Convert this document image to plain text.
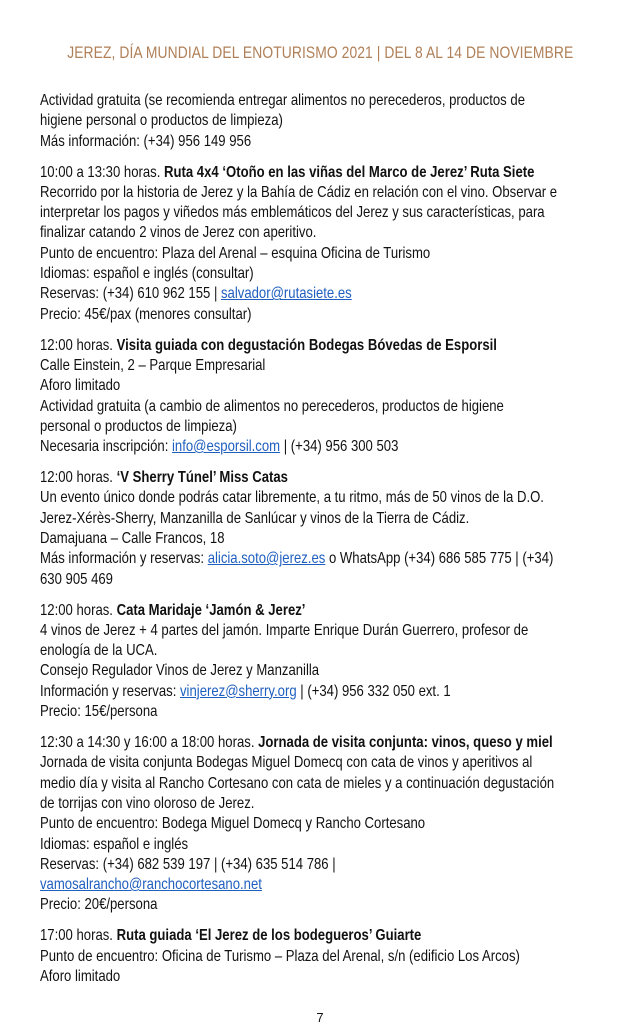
JEREZ, DÍA MUNDIAL DEL ENOTURISMO 2021 | DEL 8 AL 14 DE NOVIEMBRE
Actividad gratuita (se recomienda entregar alimentos no perecederos, productos de
higiene personal o productos de limpieza)
Más información: (+34) 956 149 956
10:00 a 13:30 horas. Ruta 4x4 ‘Otoño en las viñas del Marco de Jerez’ Ruta Siete
Recorrido por la historia de Jerez y la Bahía de Cádiz en relación con el vino. Observar e
interpretar los pagos y viñedos más emblemáticos del Jerez y sus características, para
finalizar catando 2 vinos de Jerez con aperitivo.
Punto de encuentro: Plaza del Arenal – esquina Oficina de Turismo
Idiomas: español e inglés (consultar)
Reservas: (+34) 610 962 155 | salvador@rutasiete.es
Precio: 45€/pax (menores consultar)
12:00 horas. Visita guiada con degustación Bodegas Bóvedas de Esporsil
Calle Einstein, 2 – Parque Empresarial
Aforo limitado
Actividad gratuita (a cambio de alimentos no perecederos, productos de higiene
personal o productos de limpieza)
Necesaria inscripción: info@esporsil.com | (+34) 956 300 503
12:00 horas. ‘V Sherry Túnel’ Miss Catas
Un evento único donde podrás catar libremente, a tu ritmo, más de 50 vinos de la D.O.
Jerez-Xérès-Sherry, Manzanilla de Sanlúcar y vinos de la Tierra de Cádiz.
Damajuana – Calle Francos, 18
Más información y reservas: alicia.soto@jerez.es o WhatsApp (+34) 686 585 775 | (+34)
630 905 469
12:00 horas. Cata Maridaje ‘Jamón & Jerez’
4 vinos de Jerez + 4 partes del jamón. Imparte Enrique Durán Guerrero, profesor de
enología de la UCA.
Consejo Regulador Vinos de Jerez y Manzanilla
Información y reservas: vinjerez@sherry.org | (+34) 956 332 050 ext. 1
Precio: 15€/persona
12:30 a 14:30 y 16:00 a 18:00 horas. Jornada de visita conjunta: vinos, queso y miel
Jornada de visita conjunta Bodegas Miguel Domecq con cata de vinos y aperitivos al
medio día y visita al Rancho Cortesano con cata de mieles y a continuación degustación
de torrijas con vino oloroso de Jerez.
Punto de encuentro: Bodega Miguel Domecq y Rancho Cortesano
Idiomas: español e inglés
Reservas: (+34) 682 539 197 | (+34) 635 514 786 |
vamosalrancho@ranchocortesano.net
Precio: 20€/persona
17:00 horas. Ruta guiada ‘El Jerez de los bodegueros’ Guiarte
Punto de encuentro: Oficina de Turismo – Plaza del Arenal, s/n (edificio Los Arcos)
Aforo limitado
7
